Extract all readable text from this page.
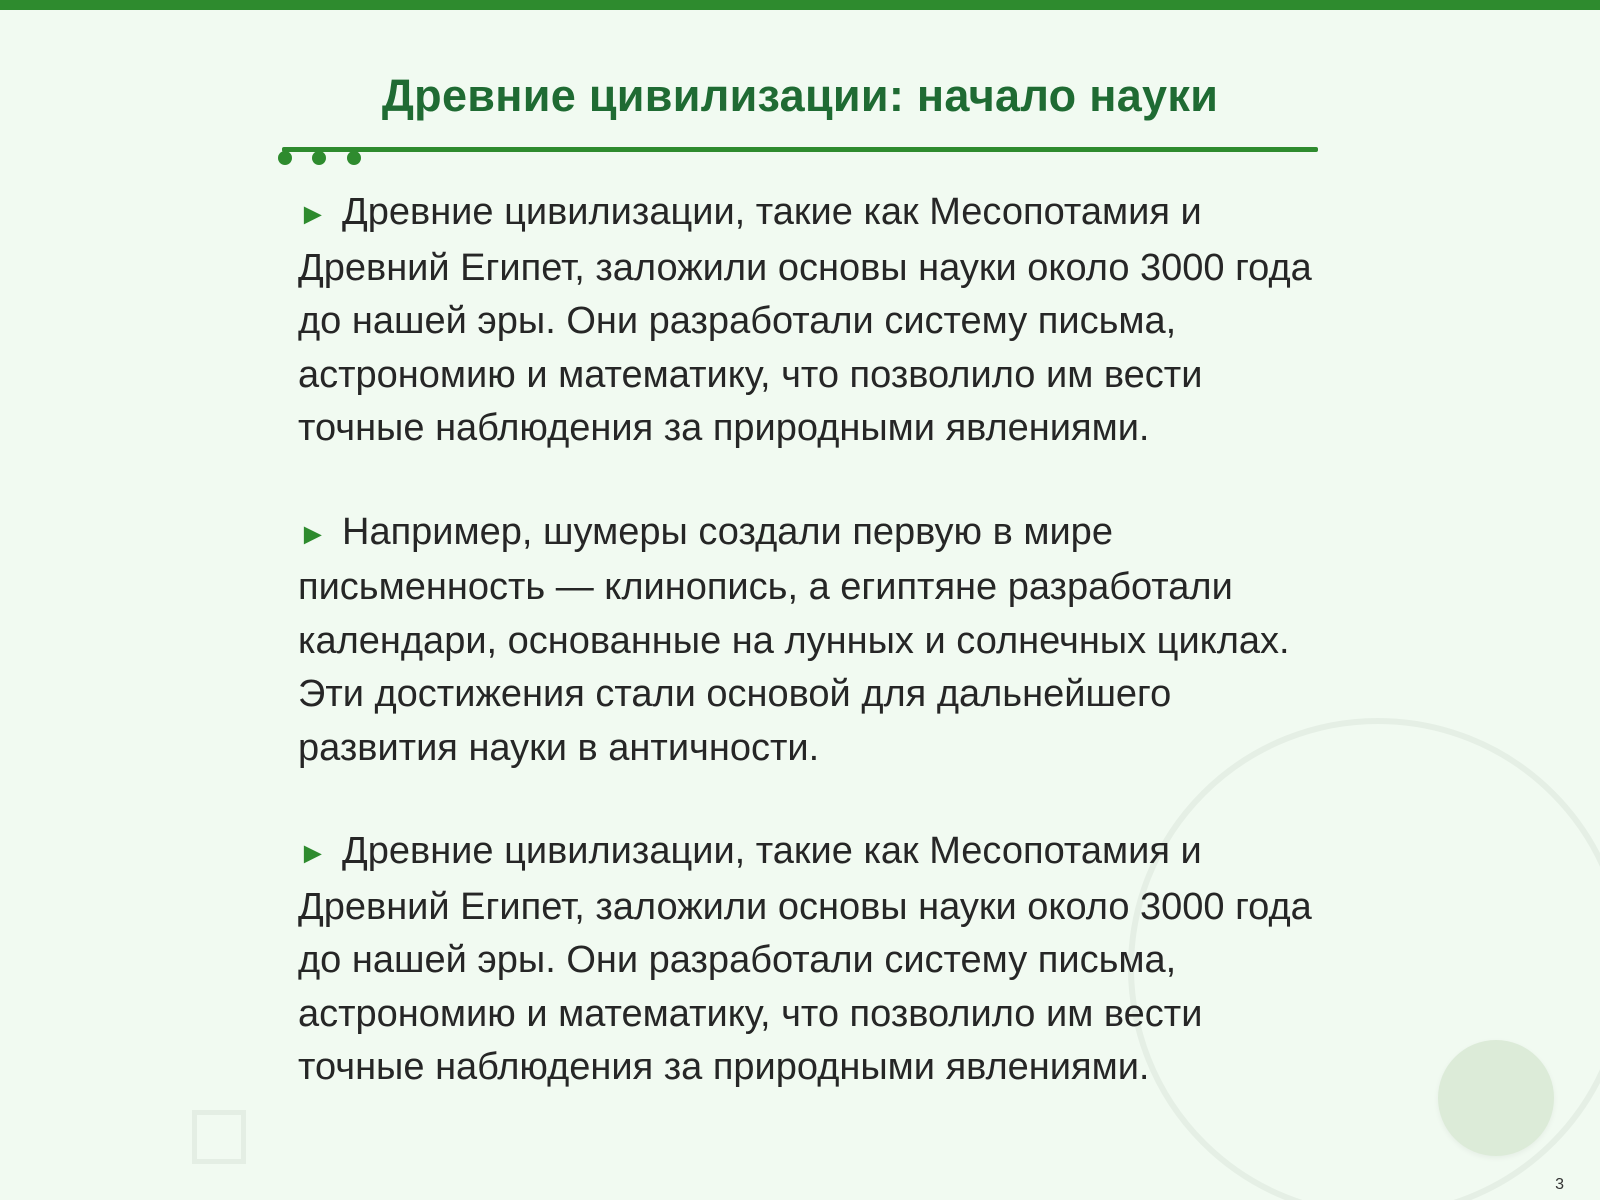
Древние цивилизации: начало науки

► Древние цивилизации, такие как Месопотамия и Древний Египет, заложили основы науки около 3000 года до нашей эры. Они разработали систему письма, астрономию и математику, что позволило им вести точные наблюдения за природными явлениями.

► Например, шумеры создали первую в мире письменность — клинопись, а египтяне разработали календари, основанные на лунных и солнечных циклах. Эти достижения стали основой для дальнейшего развития науки в античности.

► Древние цивилизации, такие как Месопотамия и Древний Египет, заложили основы науки около 3000 года до нашей эры. Они разработали систему письма, астрономию и математику, что позволило им вести точные наблюдения за природными явлениями.

3
